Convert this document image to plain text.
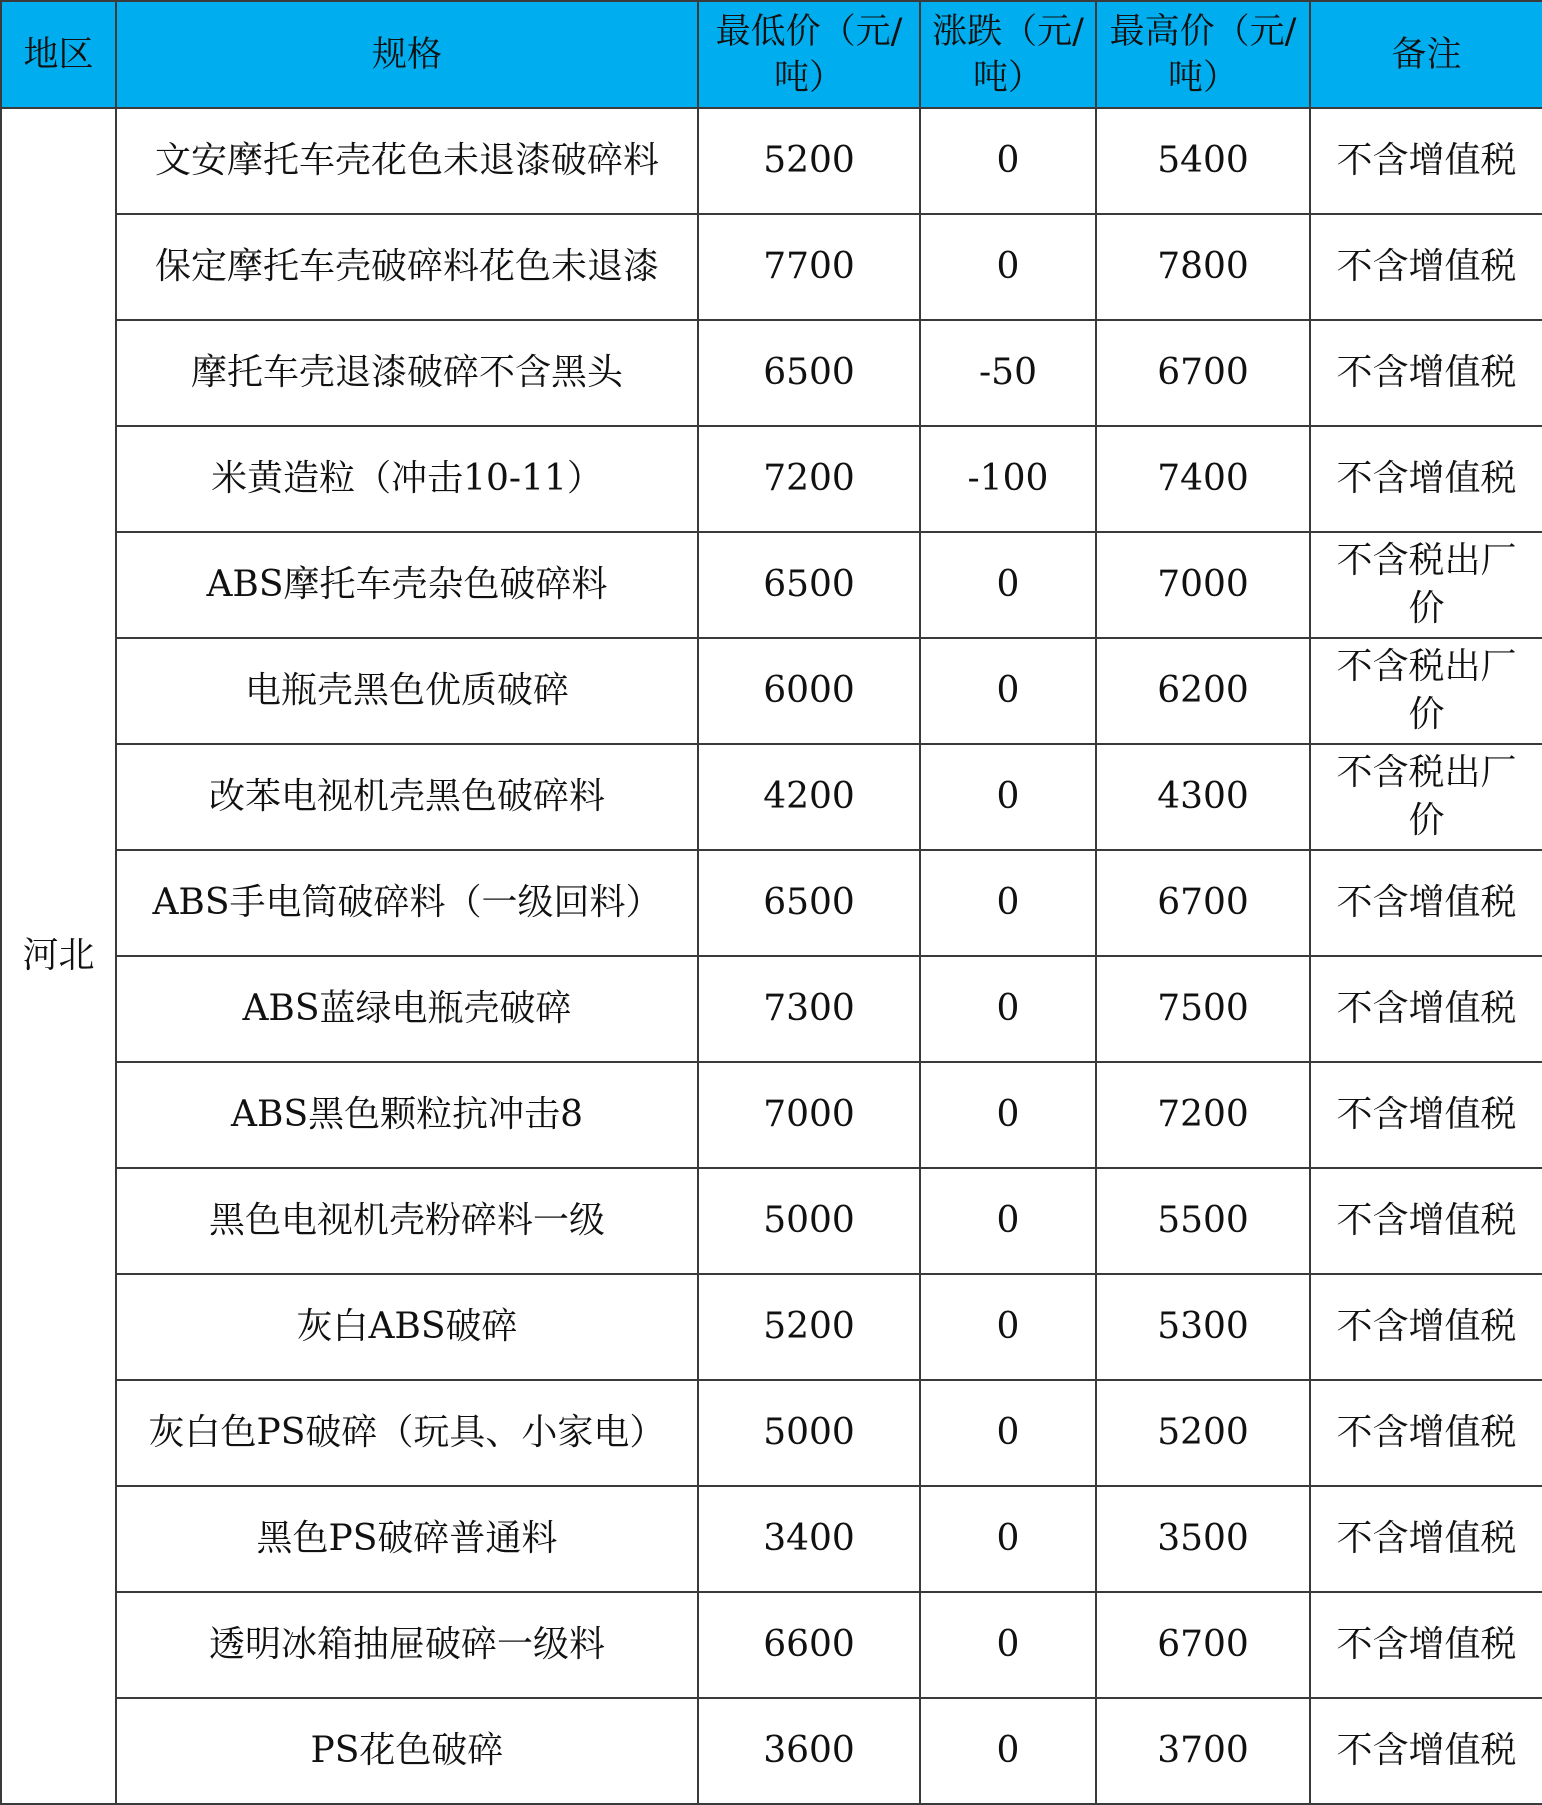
地区	规格	最低价（元/吨）	涨跌（元/吨）	最高价（元/吨）	备注
河北	文安摩托车壳花色未退漆破碎料	5200	0	5400	不含增值税
	保定摩托车壳破碎料花色未退漆	7700	0	7800	不含增值税
	摩托车壳退漆破碎不含黑头	6500	-50	6700	不含增值税
	米黄造粒（冲击10-11）	7200	-100	7400	不含增值税
	ABS摩托车壳杂色破碎料	6500	0	7000	不含税出厂价
	电瓶壳黑色优质破碎	6000	0	6200	不含税出厂价
	改苯电视机壳黑色破碎料	4200	0	4300	不含税出厂价
	ABS手电筒破碎料（一级回料）	6500	0	6700	不含增值税
	ABS蓝绿电瓶壳破碎	7300	0	7500	不含增值税
	ABS黑色颗粒抗冲击8	7000	0	7200	不含增值税
	黑色电视机壳粉碎料一级	5000	0	5500	不含增值税
	灰白ABS破碎	5200	0	5300	不含增值税
	灰白色PS破碎（玩具、小家电）	5000	0	5200	不含增值税
	黑色PS破碎普通料	3400	0	3500	不含增值税
	透明冰箱抽屉破碎一级料	6600	0	6700	不含增值税
	PS花色破碎	3600	0	3700	不含增值税
